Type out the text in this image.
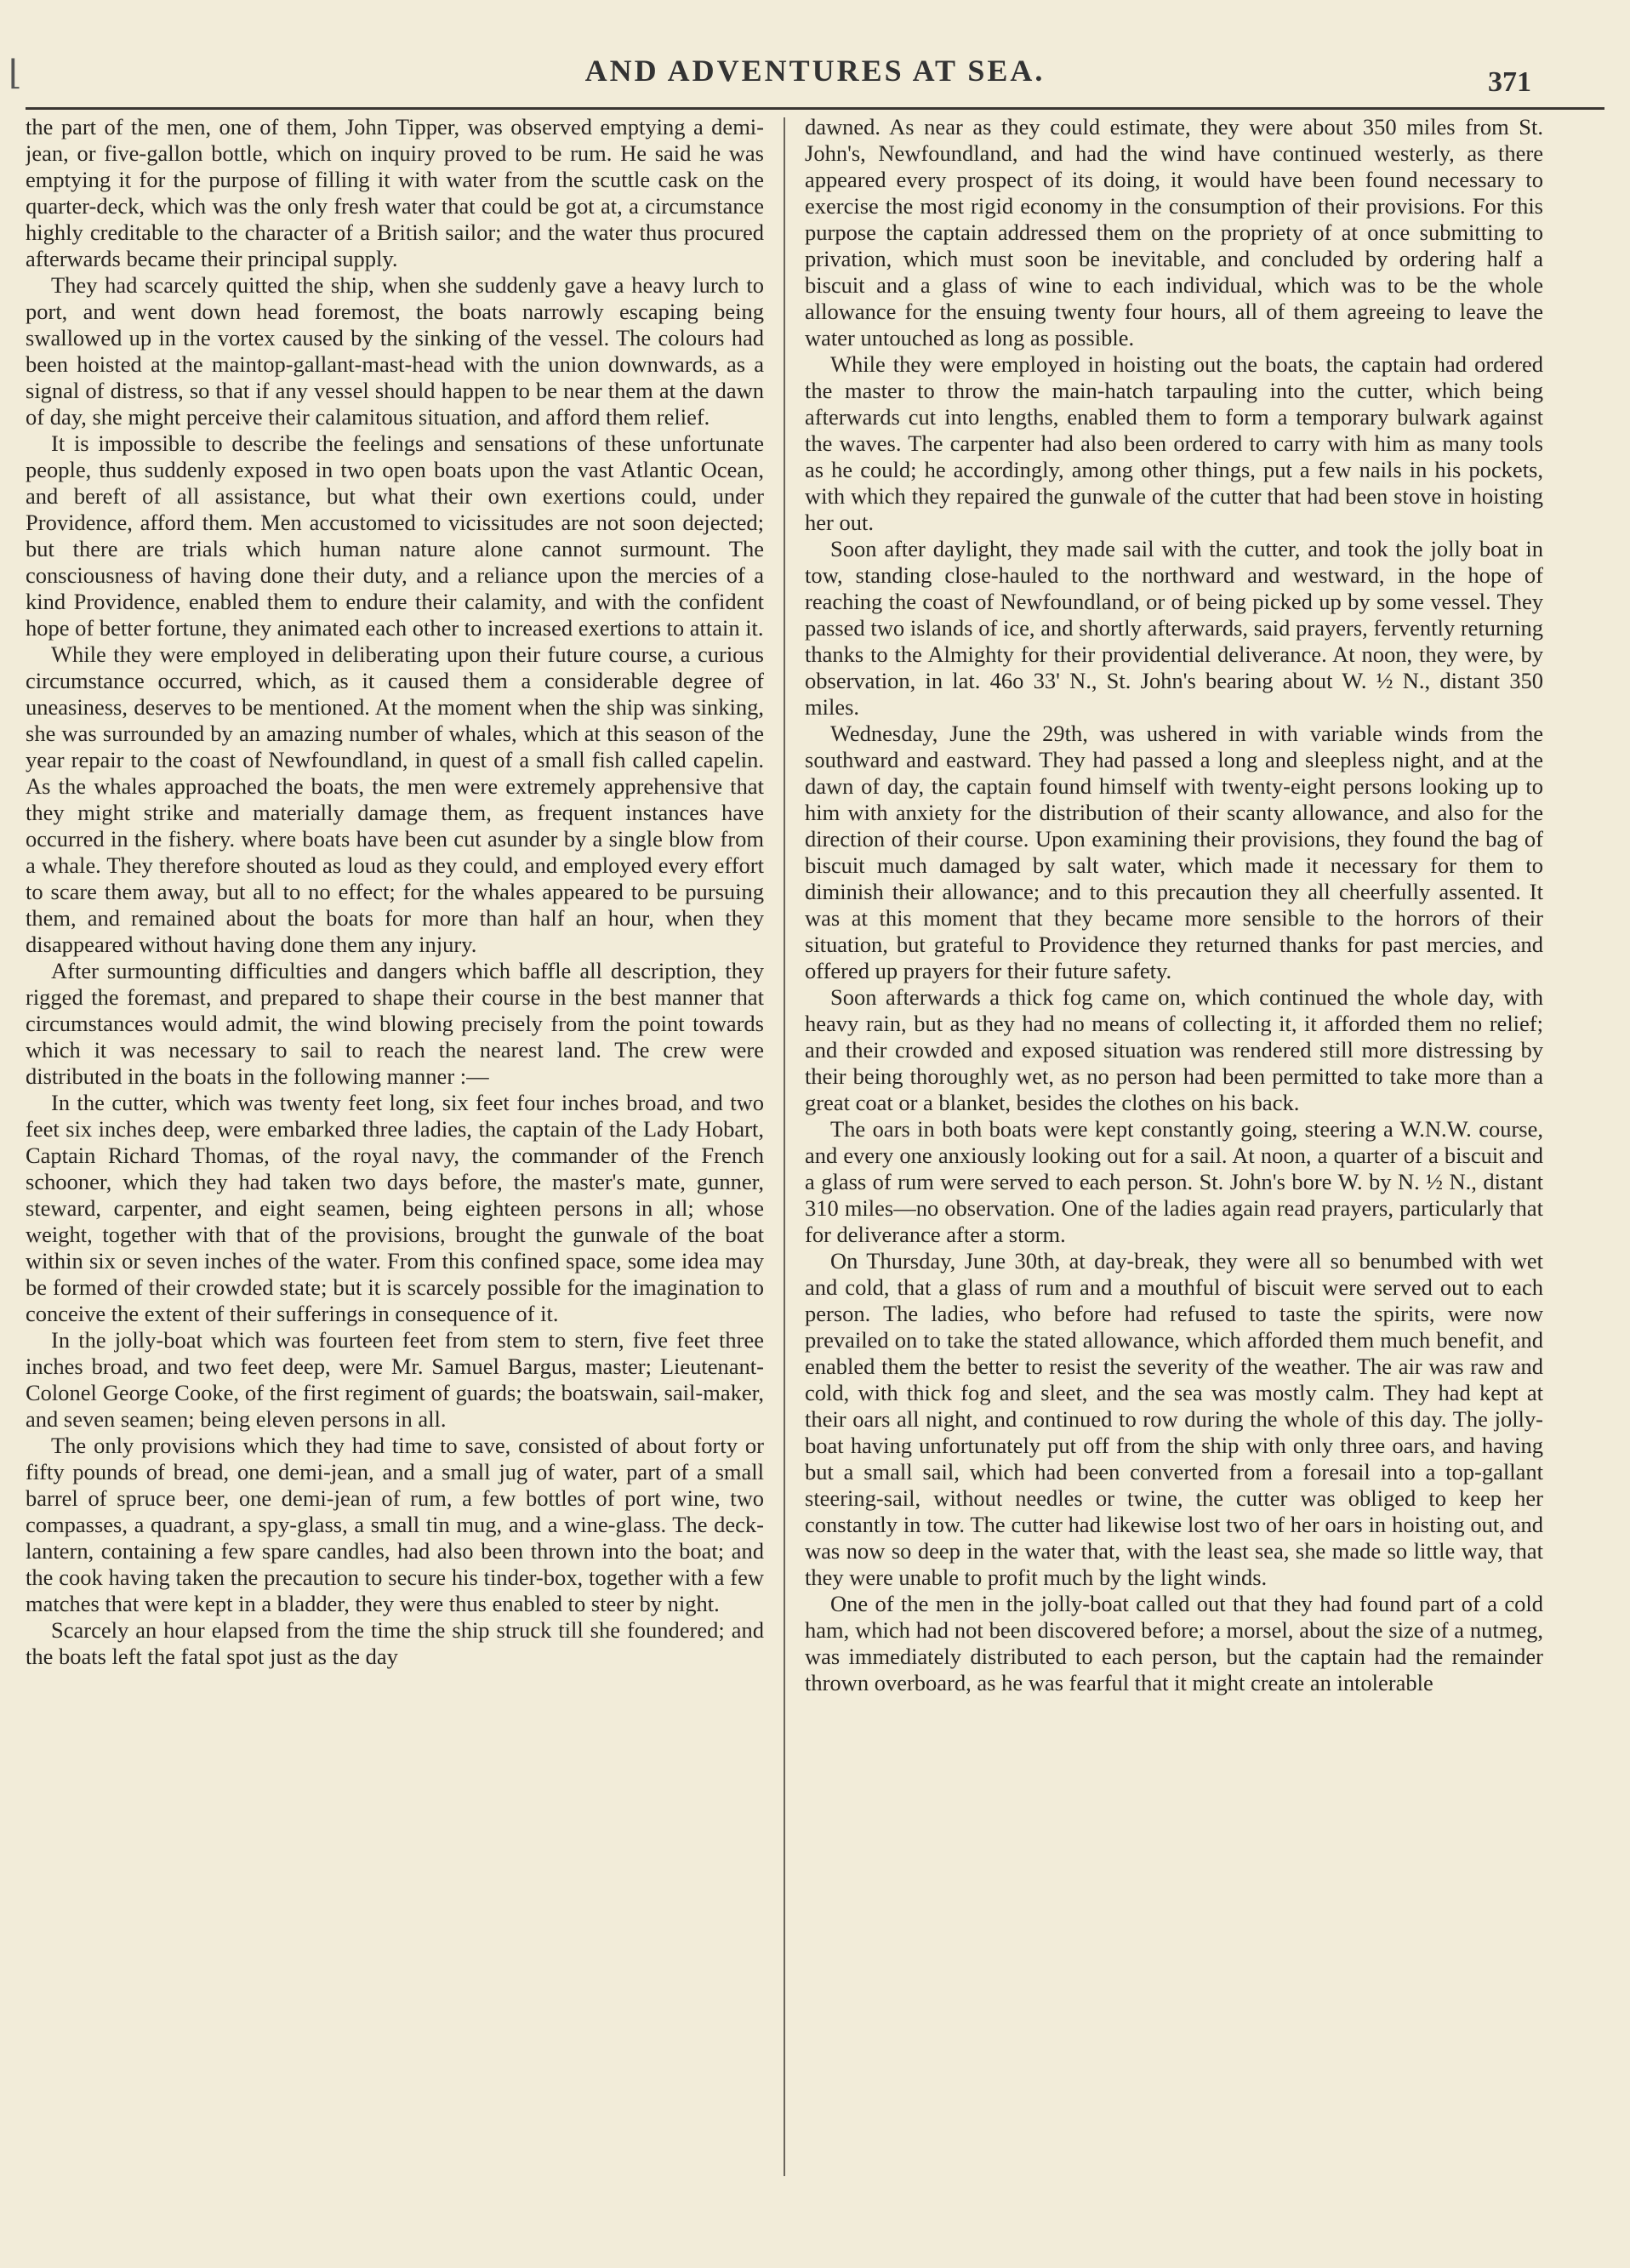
⌊	AND ADVENTURES AT SEA.	371

the part of the men, one of them, John Tipper, was observed emptying a demi-jean, or five-gallon bottle, which on inquiry proved to be rum. He said he was emptying it for the purpose of filling it with water from the scuttle cask on the quarter-deck, which was the only fresh water that could be got at, a circumstance highly creditable to the character of a British sailor; and the water thus procured afterwards became their principal supply.

They had scarcely quitted the ship, when she suddenly gave a heavy lurch to port, and went down head foremost, the boats narrowly escaping being swallowed up in the vortex caused by the sinking of the vessel. The colours had been hoisted at the maintop-gallant-mast-head with the union downwards, as a signal of distress, so that if any vessel should happen to be near them at the dawn of day, she might perceive their calamitous situation, and afford them relief.

It is impossible to describe the feelings and sensations of these unfortunate people, thus suddenly exposed in two open boats upon the vast Atlantic Ocean, and bereft of all assistance, but what their own exertions could, under Providence, afford them. Men accustomed to vicissitudes are not soon dejected; but there are trials which human nature alone cannot surmount. The consciousness of having done their duty, and a reliance upon the mercies of a kind Providence, enabled them to endure their calamity, and with the confident hope of better fortune, they animated each other to increased exertions to attain it.

While they were employed in deliberating upon their future course, a curious circumstance occurred, which, as it caused them a considerable degree of uneasiness, deserves to be mentioned. At the moment when the ship was sinking, she was surrounded by an amazing number of whales, which at this season of the year repair to the coast of Newfoundland, in quest of a small fish called capelin. As the whales approached the boats, the men were extremely apprehensive that they might strike and materially damage them, as frequent instances have occurred in the fishery. where boats have been cut asunder by a single blow from a whale. They therefore shouted as loud as they could, and employed every effort to scare them away, but all to no effect; for the whales appeared to be pursuing them, and remained about the boats for more than half an hour, when they disappeared without having done them any injury.

After surmounting difficulties and dangers which baffle all description, they rigged the foremast, and prepared to shape their course in the best manner that circumstances would admit, the wind blowing precisely from the point towards which it was necessary to sail to reach the nearest land. The crew were distributed in the boats in the following manner :—

In the cutter, which was twenty feet long, six feet four inches broad, and two feet six inches deep, were embarked three ladies, the captain of the Lady Hobart, Captain Richard Thomas, of the royal navy, the commander of the French schooner, which they had taken two days before, the master's mate, gunner, steward, carpenter, and eight seamen, being eighteen persons in all; whose weight, together with that of the provisions, brought the gunwale of the boat within six or seven inches of the water. From this confined space, some idea may be formed of their crowded state; but it is scarcely possible for the imagination to conceive the extent of their sufferings in consequence of it.

In the jolly-boat which was fourteen feet from stem to stern, five feet three inches broad, and two feet deep, were Mr. Samuel Bargus, master; Lieutenant-Colonel George Cooke, of the first regiment of guards; the boatswain, sail-maker, and seven seamen; being eleven persons in all.

The only provisions which they had time to save, consisted of about forty or fifty pounds of bread, one demi-jean, and a small jug of water, part of a small barrel of spruce beer, one demi-jean of rum, a few bottles of port wine, two compasses, a quadrant, a spy-glass, a small tin mug, and a wine-glass. The deck-lantern, containing a few spare candles, had also been thrown into the boat; and the cook having taken the precaution to secure his tinder-box, together with a few matches that were kept in a bladder, they were thus enabled to steer by night.

Scarcely an hour elapsed from the time the ship struck till she foundered; and the boats left the fatal spot just as the day

dawned. As near as they could estimate, they were about 350 miles from St. John's, Newfoundland, and had the wind have continued westerly, as there appeared every prospect of its doing, it would have been found necessary to exercise the most rigid economy in the consumption of their provisions. For this purpose the captain addressed them on the propriety of at once submitting to privation, which must soon be inevitable, and concluded by ordering half a biscuit and a glass of wine to each individual, which was to be the whole allowance for the ensuing twenty four hours, all of them agreeing to leave the water untouched as long as possible.

While they were employed in hoisting out the boats, the captain had ordered the master to throw the main-hatch tarpauling into the cutter, which being afterwards cut into lengths, enabled them to form a temporary bulwark against the waves. The carpenter had also been ordered to carry with him as many tools as he could; he accordingly, among other things, put a few nails in his pockets, with which they repaired the gunwale of the cutter that had been stove in hoisting her out.

Soon after daylight, they made sail with the cutter, and took the jolly boat in tow, standing close-hauled to the northward and westward, in the hope of reaching the coast of Newfoundland, or of being picked up by some vessel. They passed two islands of ice, and shortly afterwards, said prayers, fervently returning thanks to the Almighty for their providential deliverance. At noon, they were, by observation, in lat. 46o 33' N., St. John's bearing about W. ½ N., distant 350 miles.

Wednesday, June the 29th, was ushered in with variable winds from the southward and eastward. They had passed a long and sleepless night, and at the dawn of day, the captain found himself with twenty-eight persons looking up to him with anxiety for the distribution of their scanty allowance, and also for the direction of their course. Upon examining their provisions, they found the bag of biscuit much damaged by salt water, which made it necessary for them to diminish their allowance; and to this precaution they all cheerfully assented. It was at this moment that they became more sensible to the horrors of their situation, but grateful to Providence they returned thanks for past mercies, and offered up prayers for their future safety.

Soon afterwards a thick fog came on, which continued the whole day, with heavy rain, but as they had no means of collecting it, it afforded them no relief; and their crowded and exposed situation was rendered still more distressing by their being thoroughly wet, as no person had been permitted to take more than a great coat or a blanket, besides the clothes on his back.

The oars in both boats were kept constantly going, steering a W.N.W. course, and every one anxiously looking out for a sail. At noon, a quarter of a biscuit and a glass of rum were served to each person. St. John's bore W. by N. ½ N., distant 310 miles—no observation. One of the ladies again read prayers, particularly that for deliverance after a storm.

On Thursday, June 30th, at day-break, they were all so benumbed with wet and cold, that a glass of rum and a mouthful of biscuit were served out to each person. The ladies, who before had refused to taste the spirits, were now prevailed on to take the stated allowance, which afforded them much benefit, and enabled them the better to resist the severity of the weather. The air was raw and cold, with thick fog and sleet, and the sea was mostly calm. They had kept at their oars all night, and continued to row during the whole of this day. The jolly-boat having unfortunately put off from the ship with only three oars, and having but a small sail, which had been converted from a foresail into a top-gallant steering-sail, without needles or twine, the cutter was obliged to keep her constantly in tow. The cutter had likewise lost two of her oars in hoisting out, and was now so deep in the water that, with the least sea, she made so little way, that they were unable to profit much by the light winds.

One of the men in the jolly-boat called out that they had found part of a cold ham, which had not been discovered before; a morsel, about the size of a nutmeg, was immediately distributed to each person, but the captain had the remainder thrown overboard, as he was fearful that it might create an intolerable
